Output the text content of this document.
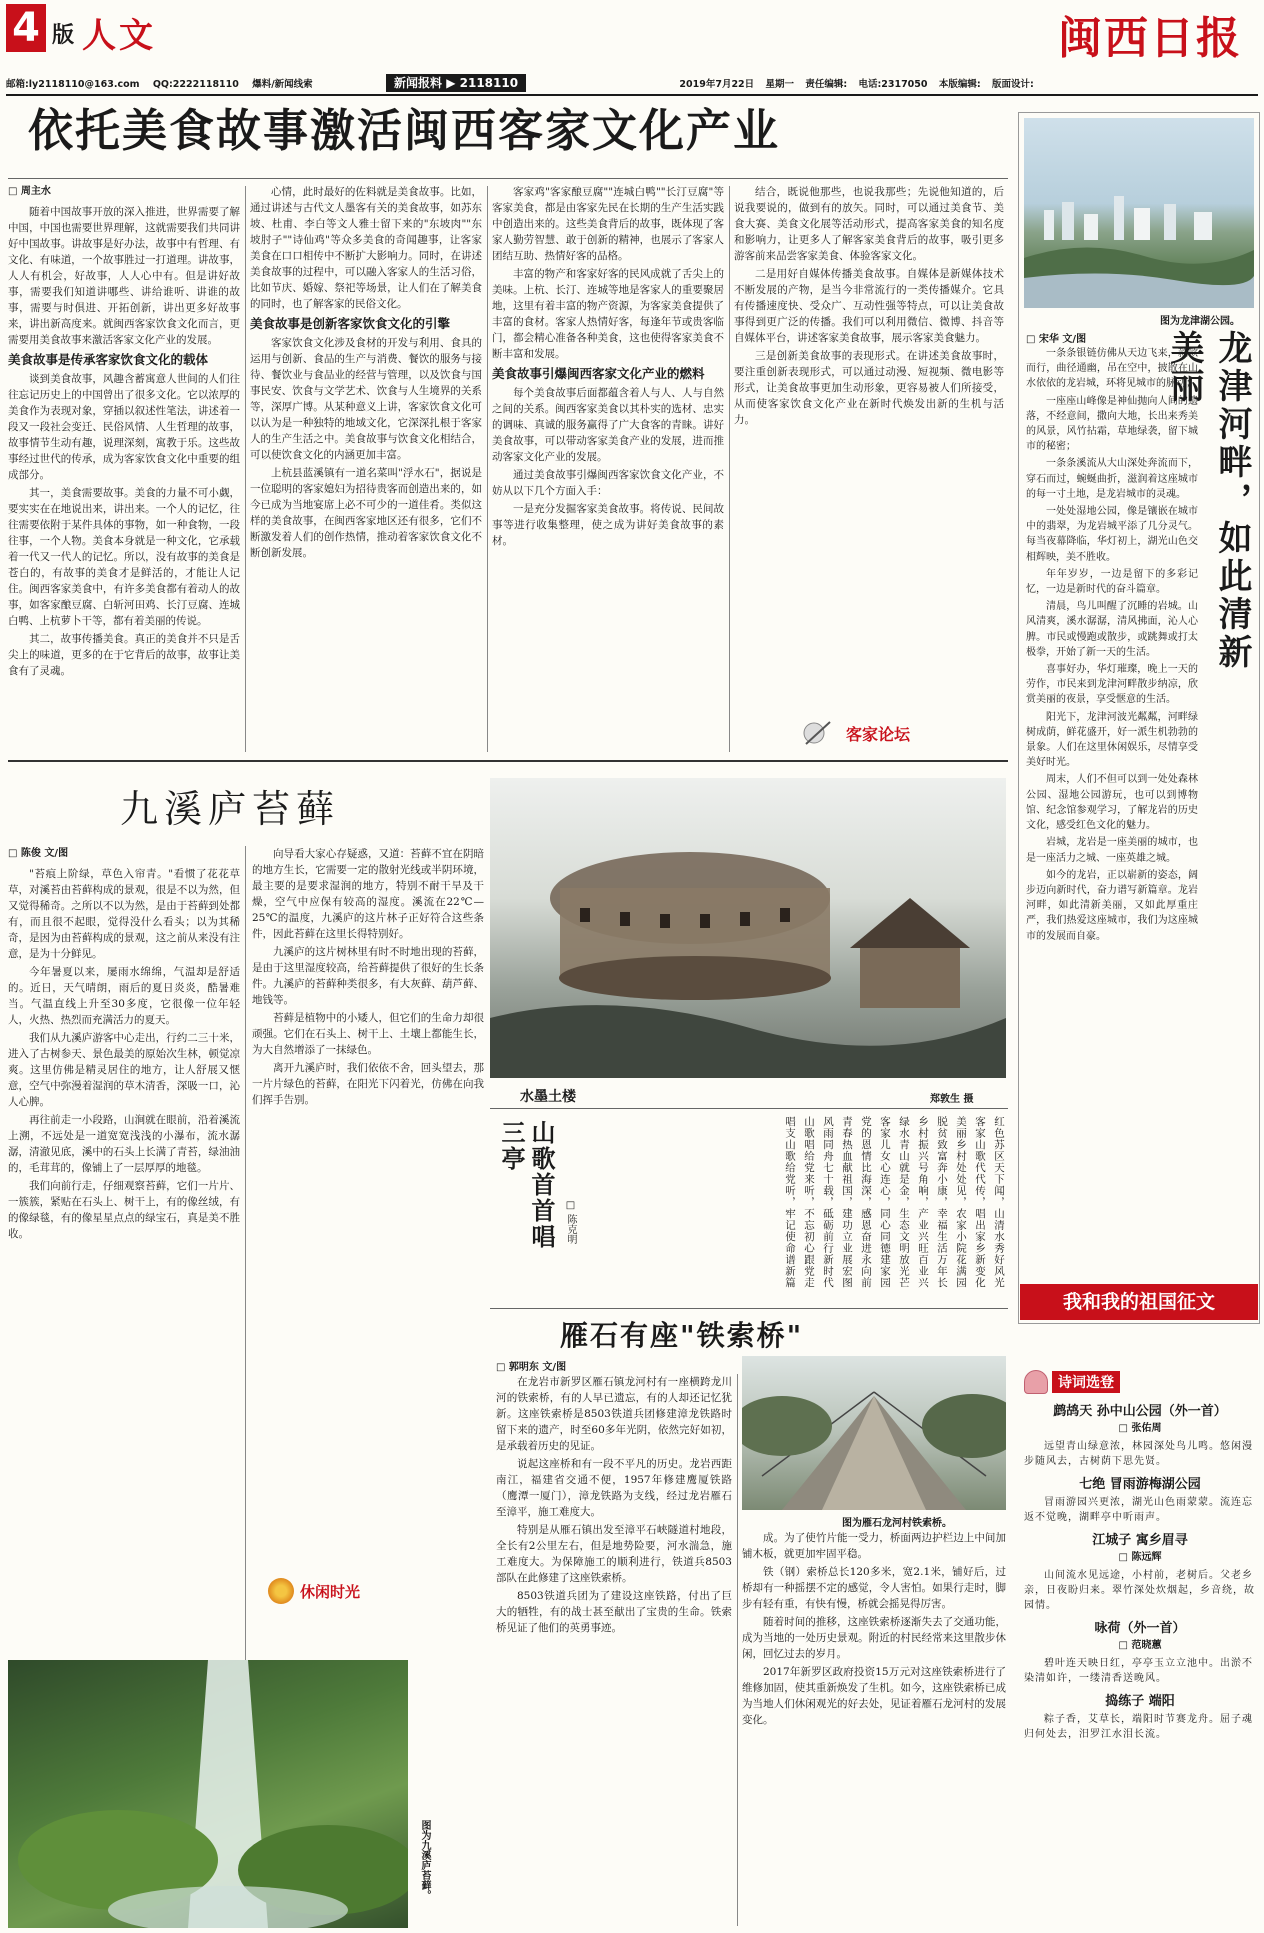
4 版 人文	闽西日报
邮箱:ly2118110@163.com QQ:2222118110 爆料/新闻线索	新闻报料 ▶ 2118110	2019年7月22日 星期一 责任编辑: 电话:2317050 本版编辑: 版面设计:
依托美食故事激活闽西客家文化产业
□ 周主水

随着中国故事开放的深入推进，世界需要了解中国，中国也需要世界理解，这就需要我们共同讲好中国故事。讲故事是好办法，故事中有哲理、有文化、有味道，一个故事胜过一打道理。讲故事，人人有机会，好故事，人人心中有。但是讲好故事，需要我们知道讲哪些、讲给谁听、讲谁的故事，需要与时俱进、开拓创新，讲出更多好故事来，讲出新高度来。就闽西客家饮食文化而言，更需要用美食故事来激活客家文化产业的发展。

美食故事是传承客家饮食文化的载体

谈到美食故事，风趣含蓄寓意人世间的人们往往忘记历史上的中国曾出了很多文化。它以浓厚的美食作为表现对象，穿插以叙述性笔法，讲述着一段又一段社会变迁、民俗风情、人生哲理的故事，故事情节生动有趣，说理深刻，寓教于乐。这些故事经过世代的传承，成为客家饮食文化中重要的组成部分。

其一，美食需要故事。美食的力量不可小觑，要实实在在地说出来，讲出来。一个人的记忆，往往需要依附于某件具体的事物，如一种食物，一段往事，一个人物。美食本身就是一种文化，它承载着一代又一代人的记忆。所以，没有故事的美食是苍白的，有故事的美食才是鲜活的，才能让人记住。闽西客家美食中，有许多美食都有着动人的故事，如客家酿豆腐、白斩河田鸡、长汀豆腐、连城白鸭、上杭萝卜干等，都有着美丽的传说。

其二，故事传播美食。真正的美食并不只是舌尖上的味道，更多的在于它背后的故事，故事让美食有了灵魂。

心情，此时最好的佐料就是美食故事。比如，通过讲述与古代文人墨客有关的美食故事，如苏东坡、杜甫、李白等文人雅士留下来的"东坡肉""东坡肘子""诗仙鸡"等众多美食的奇闻趣事，让客家美食在口口相传中不断扩大影响力。同时，在讲述美食故事的过程中，可以融入客家人的生活习俗，比如节庆、婚嫁、祭祀等场景，让人们在了解美食的同时，也了解客家的民俗文化。

美食故事是创新客家饮食文化的引擎

客家饮食文化涉及食材的开发与利用、食具的运用与创新、食品的生产与消费、餐饮的服务与接待、餐饮业与食品业的经营与管理，以及饮食与国事民安、饮食与文学艺术、饮食与人生境界的关系等，深厚广博。从某种意义上讲，客家饮食文化可以认为是一种独特的地域文化，它深深扎根于客家人的生产生活之中。美食故事与饮食文化相结合，可以使饮食文化的内涵更加丰富。

上杭县蓝溪镇有一道名菜叫"浮水石"，据说是一位聪明的客家媳妇为招待贵客而创造出来的，如今已成为当地宴席上必不可少的一道佳肴。类似这样的美食故事，在闽西客家地区还有很多，它们不断激发着人们的创作热情，推动着客家饮食文化不断创新发展。

客家鸡"客家酿豆腐""连城白鸭""长汀豆腐"等客家美食，都是由客家先民在长期的生产生活实践中创造出来的。这些美食背后的故事，既体现了客家人勤劳智慧、敢于创新的精神，也展示了客家人团结互助、热情好客的品格。

丰富的物产和客家好客的民风成就了舌尖上的美味。上杭、长汀、连城等地是客家人的重要聚居地，这里有着丰富的物产资源，为客家美食提供了丰富的食材。客家人热情好客，每逢年节或贵客临门，都会精心准备各种美食，这也使得客家美食不断丰富和发展。

美食故事引爆闽西客家文化产业的燃料

每个美食故事后面都蕴含着人与人、人与自然之间的关系。闽西客家美食以其朴实的选材、忠实的调味、真诚的服务赢得了广大食客的青睐。讲好美食故事，可以带动客家美食产业的发展，进而推动客家文化产业的发展。

通过美食故事引爆闽西客家饮食文化产业，不妨从以下几个方面入手：

一是充分发掘客家美食故事。将传说、民间故事等进行收集整理，使之成为讲好美食故事的素材。

结合，既说他那些，也说我那些；先说他知道的，后说我要说的，做到有的放矢。同时，可以通过美食节、美食大赛、美食文化展等活动形式，提高客家美食的知名度和影响力，让更多人了解客家美食背后的故事，吸引更多游客前来品尝客家美食、体验客家文化。

二是用好自媒体传播美食故事。自媒体是新媒体技术不断发展的产物，是当今非常流行的一类传播媒介。它具有传播速度快、受众广、互动性强等特点，可以让美食故事得到更广泛的传播。我们可以利用微信、微博、抖音等自媒体平台，讲述客家美食故事，展示客家美食魅力。

三是创新美食故事的表现形式。在讲述美食故事时，要注重创新表现形式，可以通过动漫、短视频、微电影等形式，让美食故事更加生动形象，更容易被人们所接受，从而使客家饮食文化产业在新时代焕发出新的生机与活力。

客家论坛
图为龙津湖公园。
□ 宋华 文/图

一条条银链仿佛从天边飞来，款款而行，曲径通幽，吊在空中，披散在山水依依的龙岩城，环将见城市的脉动；

一座座山峰像是神仙抛向人间的遗落，不经意间，撒向大地，长出来秀美的风景，风竹拈霜，草地绿袭，留下城市的秘密；

一条条溪流从大山深处奔流而下，穿石而过，蜿蜒曲折，滋润着这座城市的每一寸土地，是龙岩城市的灵魂。

一处处湿地公园，像是镶嵌在城市中的翡翠，为龙岩城平添了几分灵气。每当夜幕降临，华灯初上，湖光山色交相辉映，美不胜收。

年年岁岁，一边是留下的多彩记忆，一边是新时代的奋斗篇章。

清晨，鸟儿叫醒了沉睡的岩城。山风清爽，溪水潺潺，清风拂面，沁人心脾。市民或慢跑或散步，或跳舞或打太极拳，开始了新一天的生活。

喜事好办，华灯璀璨，晚上一天的劳作，市民来到龙津河畔散步纳凉，欣赏美丽的夜景，享受惬意的生活。

阳光下，龙津河波光粼粼，河畔绿树成荫，鲜花盛开，好一派生机勃勃的景象。人们在这里休闲娱乐，尽情享受美好时光。

周末，人们不但可以到一处处森林公园、湿地公园游玩，也可以到博物馆、纪念馆参观学习，了解龙岩的历史文化，感受红色文化的魅力。

岩城，龙岩是一座美丽的城市，也是一座活力之城、一座英雄之城。

如今的龙岩，正以崭新的姿态，阔步迈向新时代，奋力谱写新篇章。龙岩河畔，如此清新美丽，又如此厚重庄严，我们热爱这座城市，我们为这座城市的发展而自豪。

龙津河畔，如此清新美丽
我和我的祖国征文
九溪庐苔藓
□ 陈俊 文/图

"苔痕上阶绿，草色入帘青。"看惯了花花草草，对溪苔由苔藓构成的景观，很是不以为然，但又觉得稀奇。之所以不以为然，是由于苔藓到处都有，而且很不起眼，觉得没什么看头；以为其稀奇，是因为由苔藓构成的景观，这之前从来没有注意，是为十分鲜见。

今年暑夏以来，屡雨水绵绵，气温却是舒适的。近日，天气晴朗，雨后的夏日炎炎，酷暑难当。气温直线上升至30多度，它很像一位年轻人，火热、热烈而充满活力的夏天。

我们从九溪庐游客中心走出，行约二三十米，进入了古树参天、景色最美的原始次生林，顿觉凉爽。这里仿佛是精灵居住的地方，让人舒展又惬意，空气中弥漫着湿润的草木清香，深吸一口，沁人心脾。

再往前走一小段路，山涧就在眼前，沿着溪流上溯，不远处是一道宽宽浅浅的小瀑布，流水潺潺，清澈见底，溪中的石头上长满了青苔，绿油油的，毛茸茸的，像铺上了一层厚厚的地毯。

我们向前行走，仔细观察苔藓，它们一片片、一簇簇，紧贴在石头上、树干上，有的像丝绒，有的像绿毯，有的像星星点点的绿宝石，真是美不胜收。

向导看大家心存疑惑，又道：苔藓不宜在阴暗的地方生长，它需要一定的散射光线或半阴环境，最主要的是要求湿润的地方，特别不耐干旱及干燥，空气中应保有较高的湿度。溪流在22℃—25℃的温度，九溪庐的这片林子正好符合这些条件，因此苔藓在这里长得特别好。

九溪庐的这片树林里有时不时地出现的苔藓，是由于这里湿度较高，给苔藓提供了很好的生长条件。九溪庐的苔藓种类很多，有大灰藓、葫芦藓、地钱等。

苔藓是植物中的小矮人，但它们的生命力却很顽强。它们在石头上、树干上、土壤上都能生长，为大自然增添了一抹绿色。

离开九溪庐时，我们依依不舍，回头望去，那一片片绿色的苔藓，在阳光下闪着光，仿佛在向我们挥手告别。

休闲时光
图为九溪庐苔藓。
水墨土楼	郑敦生 摄
山歌首首唱三亭
□ 陈克明	红色苏区天下闻，山清水秀好风光
客家山歌代代传，唱出家乡新变化
美丽乡村处处见，农家小院花满园
脱贫致富奔小康，幸福生活万年长
乡村振兴号角响，产业兴旺百业兴
绿水青山就是金，生态文明放光芒
客家儿女心连心，同心同德建家园
党的恩情比海深，感恩奋进永向前
青春热血献祖国，建功立业展宏图
风雨同舟七十载，砥砺前行新时代
山歌唱给党来听，不忘初心跟党走
唱支山歌给党听，牢记使命谱新篇
雁石有座"铁索桥"
□ 郭明东 文/图

在龙岩市新罗区雁石镇龙河村有一座横跨龙川河的铁索桥，有的人早已遗忘，有的人却还记忆犹新。这座铁索桥是8503铁道兵团修建漳龙铁路时留下来的遗产，时至60多年光阴，依然完好如初，是承载着历史的见证。

说起这座桥和有一段不平凡的历史。龙岩西距南江，福建省交通不便，1957年修建鹰厦铁路（鹰潭一厦门），漳龙铁路为支线，经过龙岩雁石至漳平，施工难度大。

特别是从雁石镇出发至漳平石峡隧道村地段，全长有2公里左右，但是地势险要，河水湍急，施工难度大。为保障施工的顺利进行，铁道兵8503部队在此修建了这座铁索桥。

8503铁道兵团为了建设这座铁路，付出了巨大的牺牲，有的战士甚至献出了宝贵的生命。铁索桥见证了他们的英勇事迹。

图为雁石龙河村铁索桥。

成。为了使竹片能一受力，桥面两边护栏边上中间加铺木板，就更加牢固平稳。

铁（钢）索桥总长120多米，宽2.1米，铺好后，过桥却有一种摇摆不定的感觉，令人害怕。如果行走时，脚步有轻有重，有快有慢，桥就会摇晃得厉害。

随着时间的推移，这座铁索桥逐渐失去了交通功能，成为当地的一处历史景观。附近的村民经常来这里散步休闲，回忆过去的岁月。

2017年新罗区政府投资15万元对这座铁索桥进行了维修加固，使其重新焕发了生机。如今，这座铁索桥已成为当地人们休闲观光的好去处，见证着雁石龙河村的发展变化。

诗词选登
鹧鸪天 孙中山公园（外一首）
□ 张佑周
远望青山绿意浓，林园深处鸟儿鸣。悠闲漫步随风去，古树荫下思先贤。
七绝 冒雨游梅湖公园
冒雨游园兴更浓，湖光山色雨蒙蒙。流连忘返不觉晚，湖畔亭中听雨声。
江城子 寓乡眉寻
□ 陈远辉
山间流水见远途，小村前，老树后。父老乡亲，日夜盼归来。翠竹深处炊烟起，乡音绕，故园情。
咏荷（外一首）
□ 范晓蕙
碧叶连天映日红，亭亭玉立立池中。出淤不染清如许，一缕清香送晚风。
捣练子 端阳
粽子香，艾草长，端阳时节赛龙舟。屈子魂归何处去，汨罗江水泪长流。
